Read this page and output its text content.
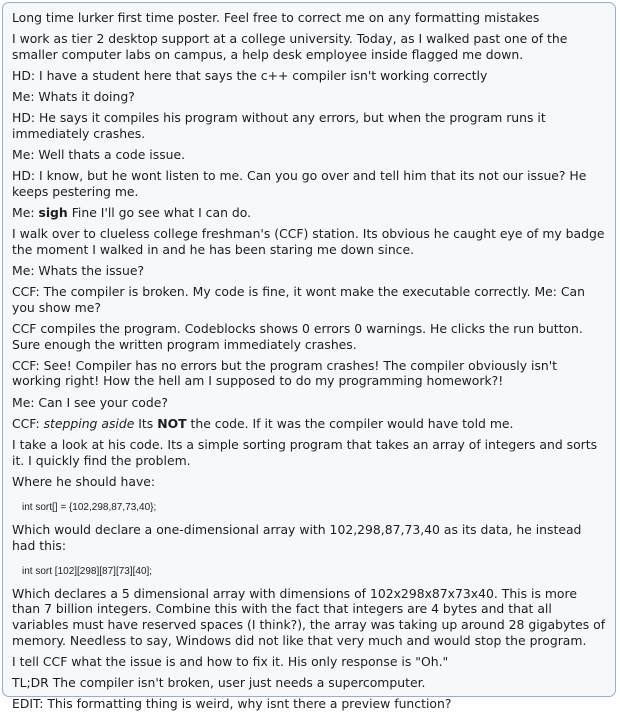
Long time lurker first time poster. Feel free to correct me on any formatting mistakes

I work as tier 2 desktop support at a college university. Today, as I walked past one of the smaller computer labs on campus, a help desk employee inside flagged me down.

HD: I have a student here that says the c++ compiler isn't working correctly

Me: Whats it doing?

HD: He says it compiles his program without any errors, but when the program runs it immediately crashes.

Me: Well thats a code issue.

HD: I know, but he wont listen to me. Can you go over and tell him that its not our issue? He keeps pestering me.

Me: sigh Fine I'll go see what I can do.

I walk over to clueless college freshman's (CCF) station. Its obvious he caught eye of my badge the moment I walked in and he has been staring me down since.

Me: Whats the issue?

CCF: The compiler is broken. My code is fine, it wont make the executable correctly. Me: Can you show me?

CCF compiles the program. Codeblocks shows 0 errors 0 warnings. He clicks the run button. Sure enough the written program immediately crashes.

CCF: See! Compiler has no errors but the program crashes! The compiler obviously isn't working right! How the hell am I supposed to do my programming homework?!

Me: Can I see your code?

CCF: stepping aside Its NOT the code. If it was the compiler would have told me.

I take a look at his code. Its a simple sorting program that takes an array of integers and sorts it. I quickly find the problem.

Where he should have:

int sort[] = {102,298,87,73,40};

Which would declare a one-dimensional array with 102,298,87,73,40 as its data, he instead had this:

int sort [102][298][87][73][40];

Which declares a 5 dimensional array with dimensions of 102x298x87x73x40. This is more than 7 billion integers. Combine this with the fact that integers are 4 bytes and that all variables must have reserved spaces (I think?), the array was taking up around 28 gigabytes of memory. Needless to say, Windows did not like that very much and would stop the program.

I tell CCF what the issue is and how to fix it. His only response is "Oh."

TL;DR The compiler isn't broken, user just needs a supercomputer.

EDIT: This formatting thing is weird, why isnt there a preview function?
